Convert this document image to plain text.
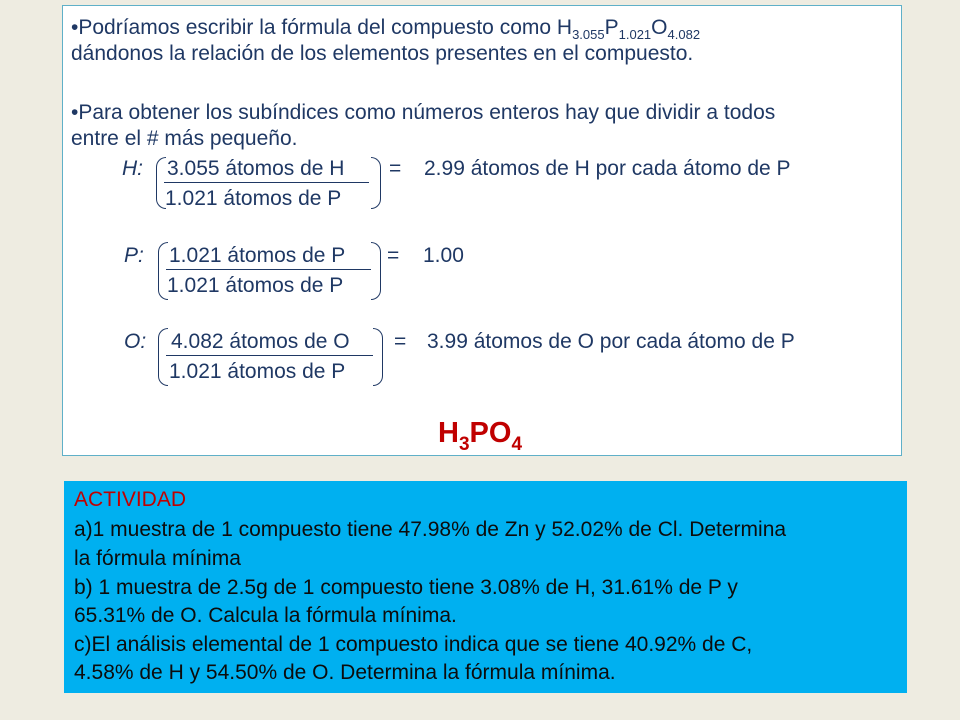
•Podríamos escribir la fórmula del compuesto como $H_{3.055}P_{1.021}O_{4.082}$
dándonos la relación de los elementos presentes en el compuesto.
•Para obtener los subíndices como números enteros hay que dividir a todos
entre el # más pequeño.
H: 3.055 átomos de H
1.021 átomos de P
= 2.99 átomos de H por cada átomo de P
P: 1.021 átomos de P
1.021 átomos de P
= 1.00
O: 4.082 átomos de O
1.021 átomos de P
= 3.99 átomos de O por cada átomo de P
$H_3PO_4$
ACTIVIDAD
a)1 muestra de 1 compuesto tiene 47.98% de Zn y 52.02% de Cl. Determina
la fórmula mínima
b) 1 muestra de 2.5g de 1 compuesto tiene 3.08% de H, 31.61% de P y
65.31% de O. Calcula la fórmula mínima.
c)El análisis elemental de 1 compuesto indica que se tiene 40.92% de C,
4.58% de H y 54.50% de O. Determina la fórmula mínima.
